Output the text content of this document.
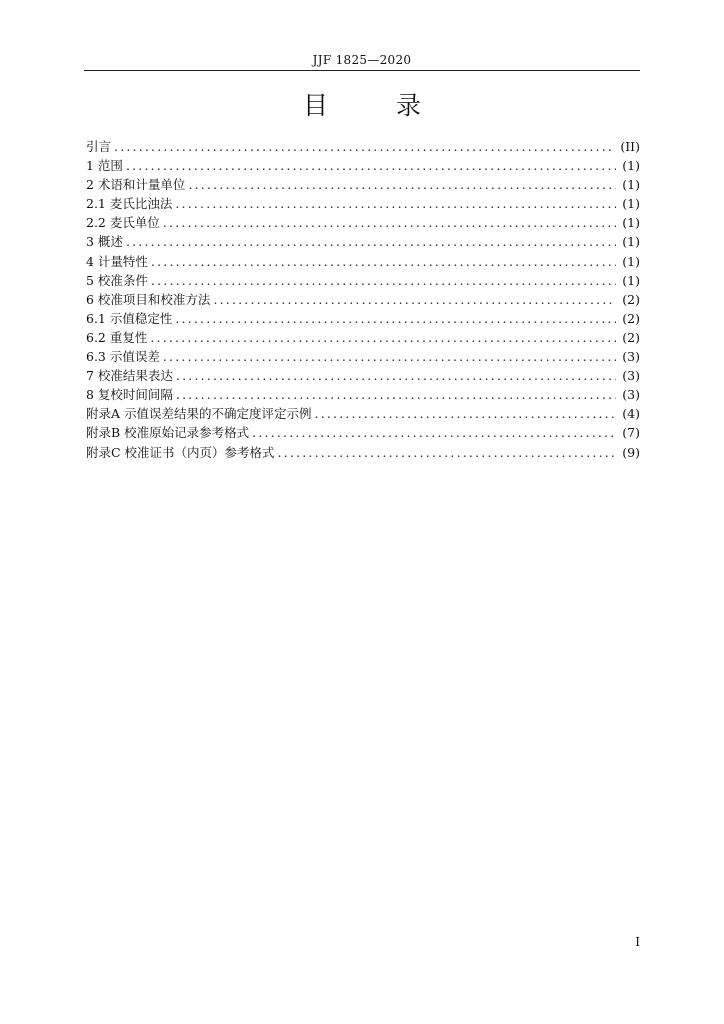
JJF 1825—2020
目	录
引言 .....	(II)
1 范围 .....	(1)
2 术语和计量单位 .....	(1)
2.1 麦氏比浊法 .....	(1)
2.2 麦氏单位 .....	(1)
3 概述 .....	(1)
4 计量特性 .....	(1)
5 校准条件 .....	(1)
6 校准项目和校准方法 .....	(2)
6.1 示值稳定性 .....	(2)
6.2 重复性 .....	(2)
6.3 示值误差 .....	(3)
7 校准结果表达 .....	(3)
8 复校时间间隔 .....	(3)
附录A 示值误差结果的不确定度评定示例 .....	(4)
附录B 校准原始记录参考格式 .....	(7)
附录C 校准证书（内页）参考格式 .....	(9)
I
